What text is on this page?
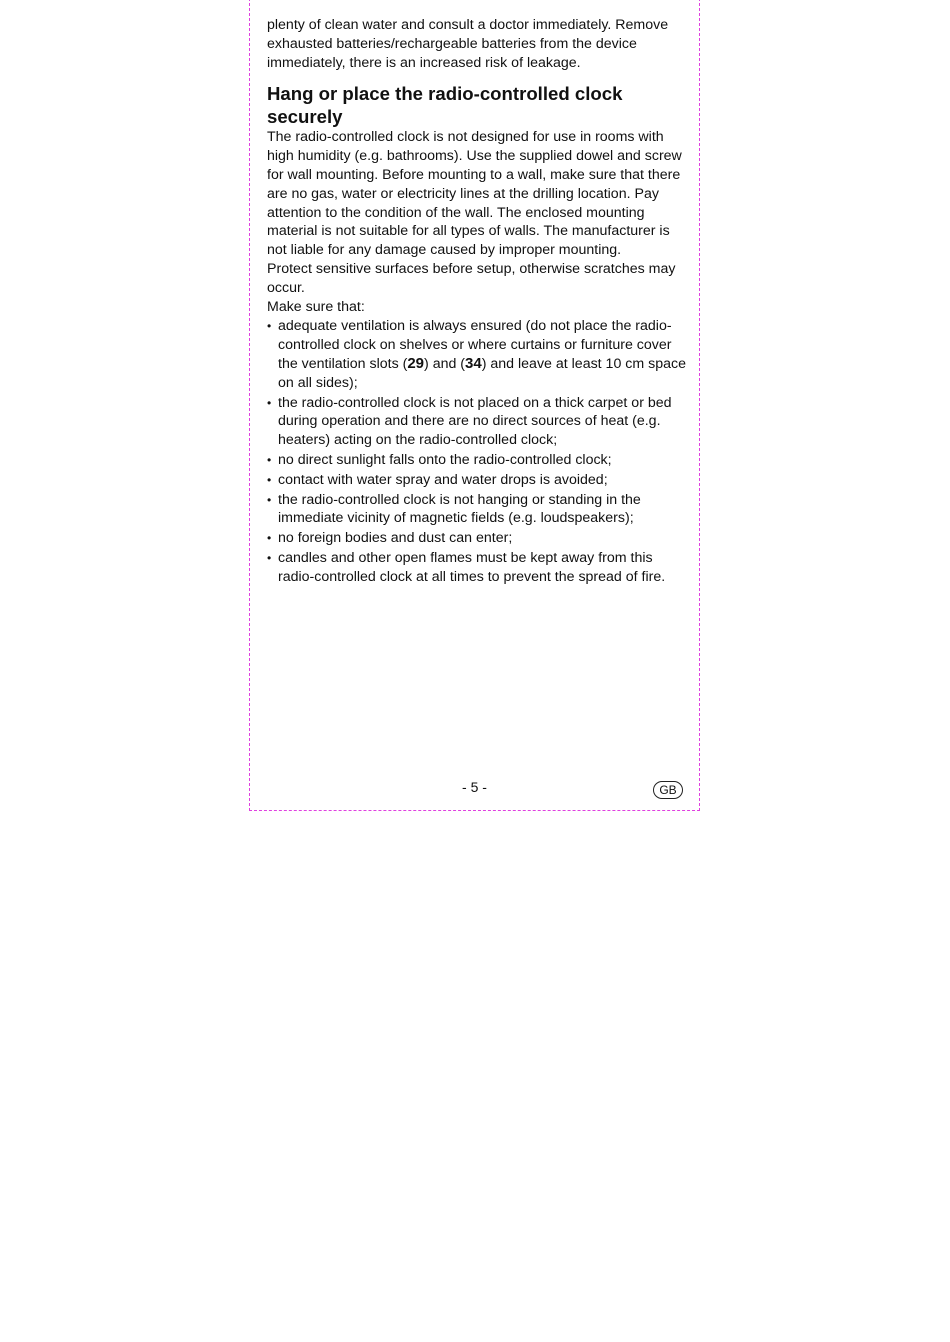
plenty of clean water and consult a doctor immediately. Remove exhausted batteries/rechargeable batteries from the device immediately, there is an increased risk of leakage.

Hang or place the radio-controlled clock securely

The radio-controlled clock is not designed for use in rooms with high humidity (e.g. bathrooms). Use the supplied dowel and screw for wall mounting. Before mounting to a wall, make sure that there are no gas, water or electricity lines at the drilling location. Pay attention to the condition of the wall. The enclosed mounting material is not suitable for all types of walls. The manufacturer is not liable for any damage caused by improper mounting.

Protect sensitive surfaces before setup, otherwise scratches may occur.

Make sure that:

• adequate ventilation is always ensured (do not place the radio-controlled clock on shelves or where curtains or furniture cover the ventilation slots (29) and (34) and leave at least 10 cm space on all sides);
• the radio-controlled clock is not placed on a thick carpet or bed during operation and there are no direct sources of heat (e.g. heaters) acting on the radio-controlled clock;
• no direct sunlight falls onto the radio-controlled clock;
• contact with water spray and water drops is avoided;
• the radio-controlled clock is not hanging or standing in the immediate vicinity of magnetic fields (e.g. loudspeakers);
• no foreign bodies and dust can enter;
• candles and other open flames must be kept away from this radio-controlled clock at all times to prevent the spread of fire.
- 5 -	GB
